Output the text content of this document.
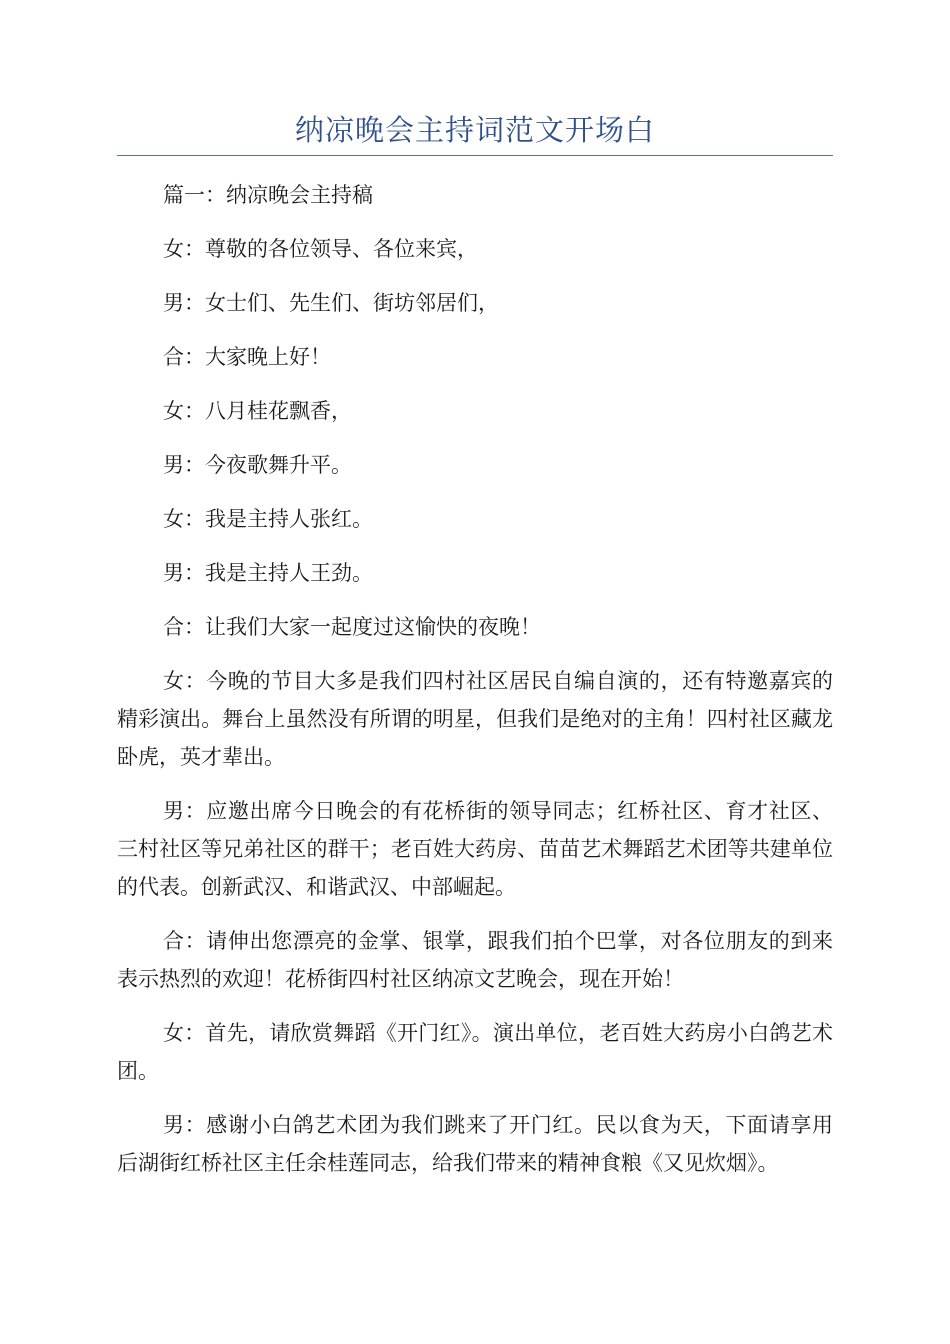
纳凉晚会主持词范文开场白

篇一：纳凉晚会主持稿

女：尊敬的各位领导、各位来宾，

男：女士们、先生们、街坊邻居们，

合：大家晚上好！

女：八月桂花飘香，

男：今夜歌舞升平。

女：我是主持人张红。

男：我是主持人王劲。

合：让我们大家一起度过这愉快的夜晚！

女：今晚的节目大多是我们四村社区居民自编自演的，还有特邀嘉宾的精彩演出。舞台上虽然没有所谓的明星，但我们是绝对的主角！四村社区藏龙卧虎，英才辈出。

男：应邀出席今日晚会的有花桥街的领导同志；红桥社区、育才社区、三村社区等兄弟社区的群干；老百姓大药房、苗苗艺术舞蹈艺术团等共建单位的代表。创新武汉、和谐武汉、中部崛起。

合：请伸出您漂亮的金掌、银掌，跟我们拍个巴掌，对各位朋友的到来表示热烈的欢迎！花桥街四村社区纳凉文艺晚会，现在开始！

女：首先，请欣赏舞蹈《开门红》。演出单位，老百姓大药房小白鸽艺术团。

男：感谢小白鸽艺术团为我们跳来了开门红。民以食为天，下面请享用后湖街红桥社区主任余桂莲同志，给我们带来的精神食粮《又见炊烟》。
